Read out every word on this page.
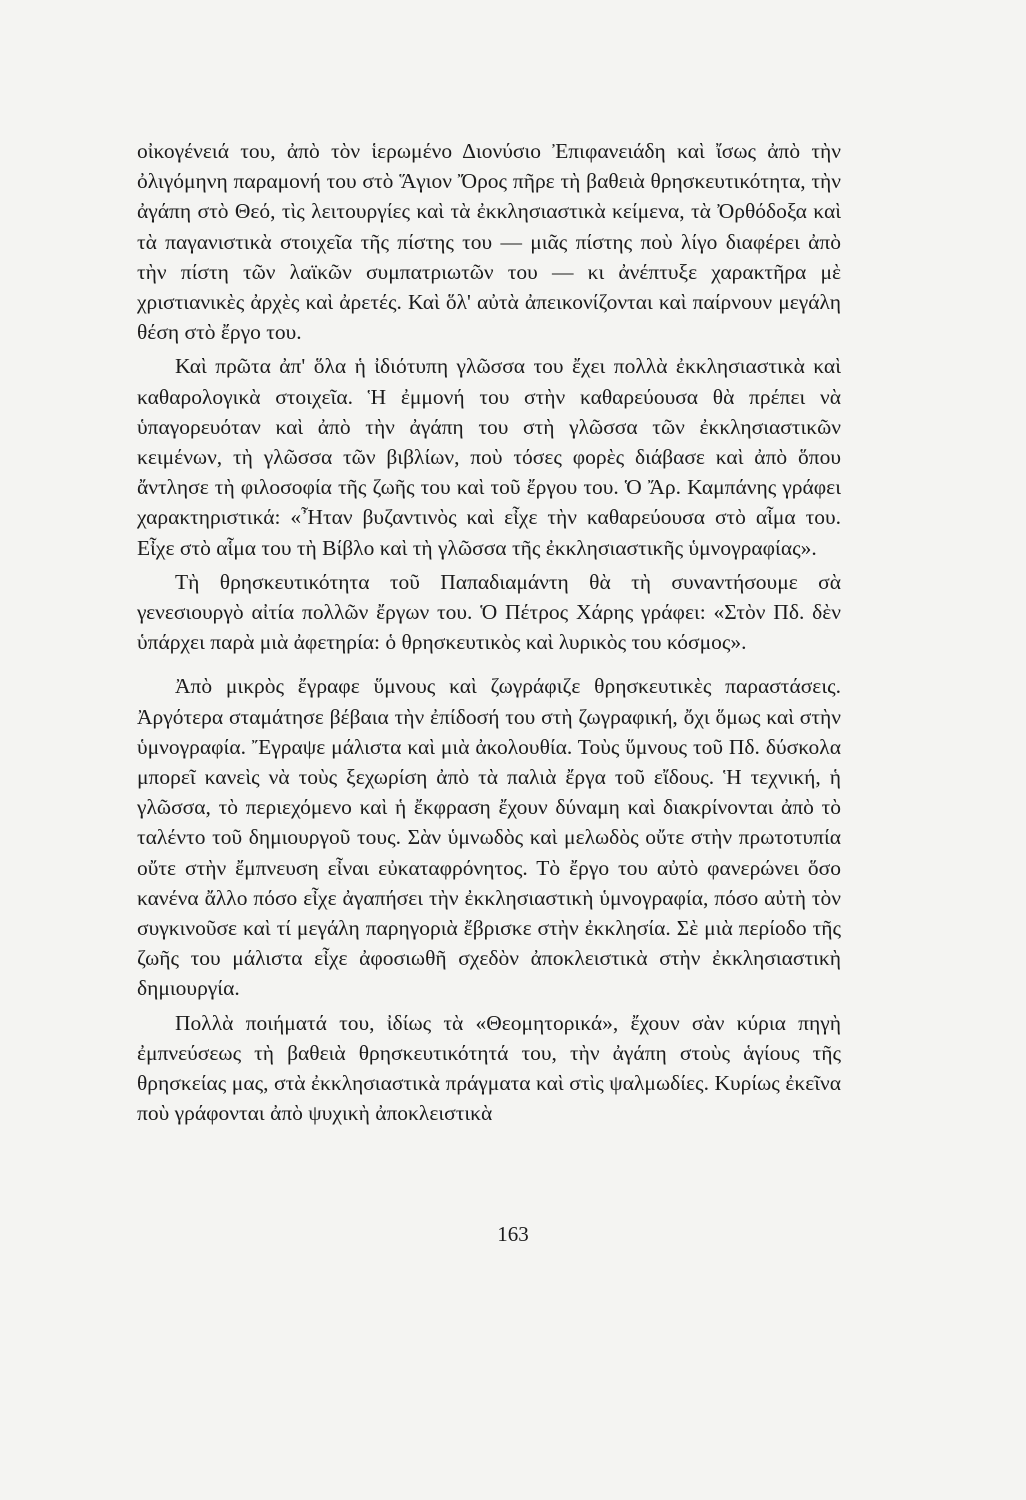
οἰκογένειά του, ἀπὸ τὸν ἱερωμένο Διονύσιο Ἐπιφανειάδη καὶ ἴσως ἀπὸ τὴν ὀλιγόμηνη παραμονή του στὸ Ἅγιον Ὄρος πῆρε τὴ βαθειὰ θρησκευτικότητα, τὴν ἀγάπη στὸ Θεό, τὶς λειτουργίες καὶ τὰ ἐκκλησιαστικὰ κείμενα, τὰ Ὀρθόδοξα καὶ τὰ παγανιστικὰ στοιχεῖα τῆς πίστης του — μιᾶς πίστης ποὺ λίγο διαφέρει ἀπὸ τὴν πίστη τῶν λαϊκῶν συμπατριωτῶν του — κι ἀνέπτυξε χαρακτῆρα μὲ χριστιανικὲς ἀρχὲς καὶ ἀρετές. Καὶ ὅλ' αὐτὰ ἀπεικονίζονται καὶ παίρνουν μεγάλη θέση στὸ ἔργο του.

Καὶ πρῶτα ἀπ' ὅλα ἡ ἰδιότυπη γλῶσσα του ἔχει πολλὰ ἐκκλησιαστικὰ καὶ καθαρολογικὰ στοιχεῖα. Ἡ ἐμμονή του στὴν καθαρεύουσα θὰ πρέπει νὰ ὑπαγορευόταν καὶ ἀπὸ τὴν ἀγάπη του στὴ γλῶσσα τῶν ἐκκλησιαστικῶν κειμένων, τὴ γλῶσσα τῶν βιβλίων, ποὺ τόσες φορὲς διάβασε καὶ ἀπὸ ὅπου ἄντλησε τὴ φιλοσοφία τῆς ζωῆς του καὶ τοῦ ἔργου του. Ὁ Ἄρ. Καμπάνης γράφει χαρακτηριστικά: «Ἦταν βυζαντινὸς καὶ εἶχε τὴν καθαρεύουσα στὸ αἷμα του. Εἶχε στὸ αἷμα του τὴ Βίβλο καὶ τὴ γλῶσσα τῆς ἐκκλησιαστικῆς ὑμνογραφίας».

Τὴ θρησκευτικότητα τοῦ Παπαδιαμάντη θὰ τὴ συναντήσουμε σὰ γενεσιουργὸ αἰτία πολλῶν ἔργων του. Ὁ Πέτρος Χάρης γράφει: «Στὸν Πδ. δὲν ὑπάρχει παρὰ μιὰ ἀφετηρία: ὁ θρησκευτικὸς καὶ λυρικὸς του κόσμος».

Ἀπὸ μικρὸς ἔγραφε ὕμνους καὶ ζωγράφιζε θρησκευτικὲς παραστάσεις. Ἀργότερα σταμάτησε βέβαια τὴν ἐπίδοσή του στὴ ζωγραφική, ὄχι ὅμως καὶ στὴν ὑμνογραφία. Ἔγραψε μάλιστα καὶ μιὰ ἀκολουθία. Τοὺς ὕμνους τοῦ Πδ. δύσκολα μπορεῖ κανεὶς νὰ τοὺς ξεχωρίση ἀπὸ τὰ παλιὰ ἔργα τοῦ εἴδους. Ἡ τεχνική, ἡ γλῶσσα, τὸ περιεχόμενο καὶ ἡ ἔκφραση ἔχουν δύναμη καὶ διακρίνονται ἀπὸ τὸ ταλέντο τοῦ δημιουργοῦ τους. Σὰν ὑμνωδὸς καὶ μελωδὸς οὔτε στὴν πρωτοτυπία οὔτε στὴν ἔμπνευση εἶναι εὐκαταφρόνητος. Τὸ ἔργο του αὐτὸ φανερώνει ὅσο κανένα ἄλλο πόσο εἶχε ἀγαπήσει τὴν ἐκκλησιαστικὴ ὑμνογραφία, πόσο αὐτὴ τὸν συγκινοῦσε καὶ τί μεγάλη παρηγοριὰ ἔβρισκε στὴν ἐκκλησία. Σὲ μιὰ περίοδο τῆς ζωῆς του μάλιστα εἶχε ἀφοσιωθῆ σχεδὸν ἀποκλειστικὰ στὴν ἐκκλησιαστικὴ δημιουργία.

Πολλὰ ποιήματά του, ἰδίως τὰ «Θεομητορικά», ἔχουν σὰν κύρια πηγὴ ἐμπνεύσεως τὴ βαθειὰ θρησκευτικότητά του, τὴν ἀγάπη στοὺς ἁγίους τῆς θρησκείας μας, στὰ ἐκκλησιαστικὰ πράγματα καὶ στὶς ψαλμωδίες. Κυρίως ἐκεῖνα ποὺ γράφονται ἀπὸ ψυχικὴ ἀποκλειστικὰ

163
